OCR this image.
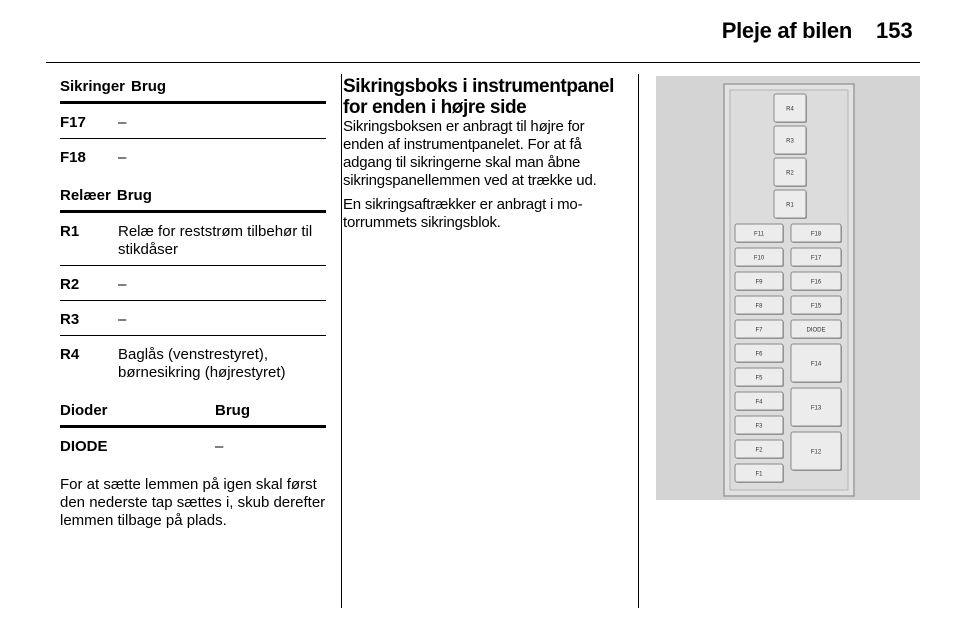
Pleje af bilen 153
Sikringer Brug
F17	–
F18	–
Relæer Brug
R1	Relæ for reststrøm tilbehør til stikdåser
R2	–
R3	–
R4	Baglås (venstrestyret), børnesikring (højrestyret)
Dioder	Brug
DIODE	–
For at sætte lemmen på igen skal først den nederste tap sættes i, skub derefter lemmen tilbage på plads.
Sikringsboks i instrumentpanel for enden i højre side

Sikringsboksen er anbragt til højre for enden af instrumentpanelet. For at få adgang til sikringerne skal man åbne sikringspanellemmen ved at trække ud.

En sikringsaftrækker er anbragt i motorrummets sikringsblok.

R4
R3
R2
R1
F11
F10
F9
F8
F7
F6
F5
F4
F3
F2
F1
F18
F17
F16
F15
DIODE
F14
F13
F12
